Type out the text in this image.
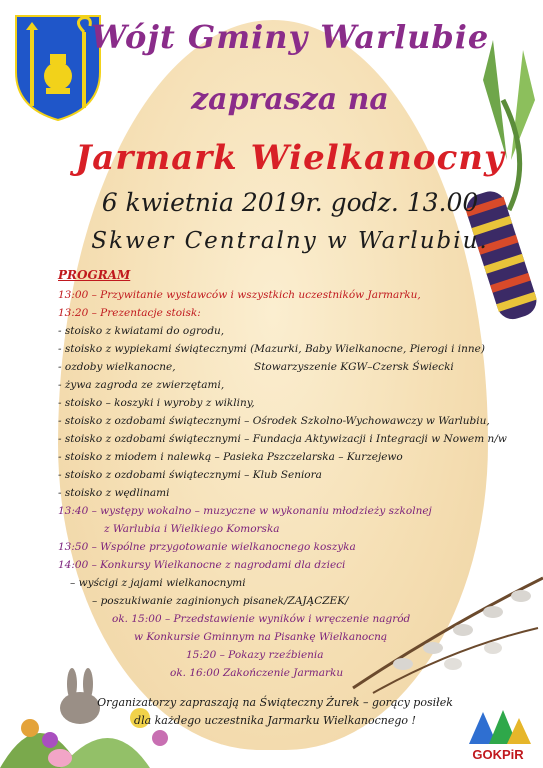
GOKPiR
Wójt Gminy Warlubie
zaprasza na
Jarmark Wielkanocny
6 kwietnia 2019r. godz. 13.00
Skwer Centralny w Warlubiu.
PROGRAM
13:00 – Przywitanie wystawców i wszystkich uczestników Jarmarku,
13:20 – Prezentacje stoisk:
- stoisko z kwiatami do ogrodu,
- stoisko z wypiekami świątecznymi (Mazurki, Baby Wielkanocne, Pierogi i inne)
- ozdoby wielkanocne,	Stowarzyszenie KGW–Czersk Świecki
- żywa zagroda ze zwierzętami,
- stoisko – koszyki i wyroby z wikliny,
- stoisko z ozdobami świątecznymi – Ośrodek Szkolno-Wychowawczy w Warlubiu,
- stoisko z ozdobami świątecznymi – Fundacja Aktywizacji i Integracji w Nowem n/w
- stoisko z miodem i nalewką – Pasieka Pszczelarska – Kurzejewo
- stoisko z ozdobami świątecznymi – Klub Seniora
- stoisko z wędlinami
13:40 – występy wokalno – muzyczne w wykonaniu młodzieży szkolnej
z Warlubia i Wielkiego Komorska
13:50 – Wspólne przygotowanie wielkanocnego koszyka
14:00 – Konkursy Wielkanocne z nagrodami dla dzieci
– wyścigi z jajami wielkanocnymi
– poszukiwanie zaginionych pisanek/ZAJĄCZEK/
ok. 15:00 – Przedstawienie wyników i wręczenie nagród
w Konkursie Gminnym na Pisankę Wielkanocną
15:20 – Pokazy rzeźbienia
ok. 16:00 Zakończenie Jarmarku
Organizatorzy zapraszają na Świąteczny Żurek – gorący posiłek
dla każdego uczestnika Jarmarku Wielkanocnego !
